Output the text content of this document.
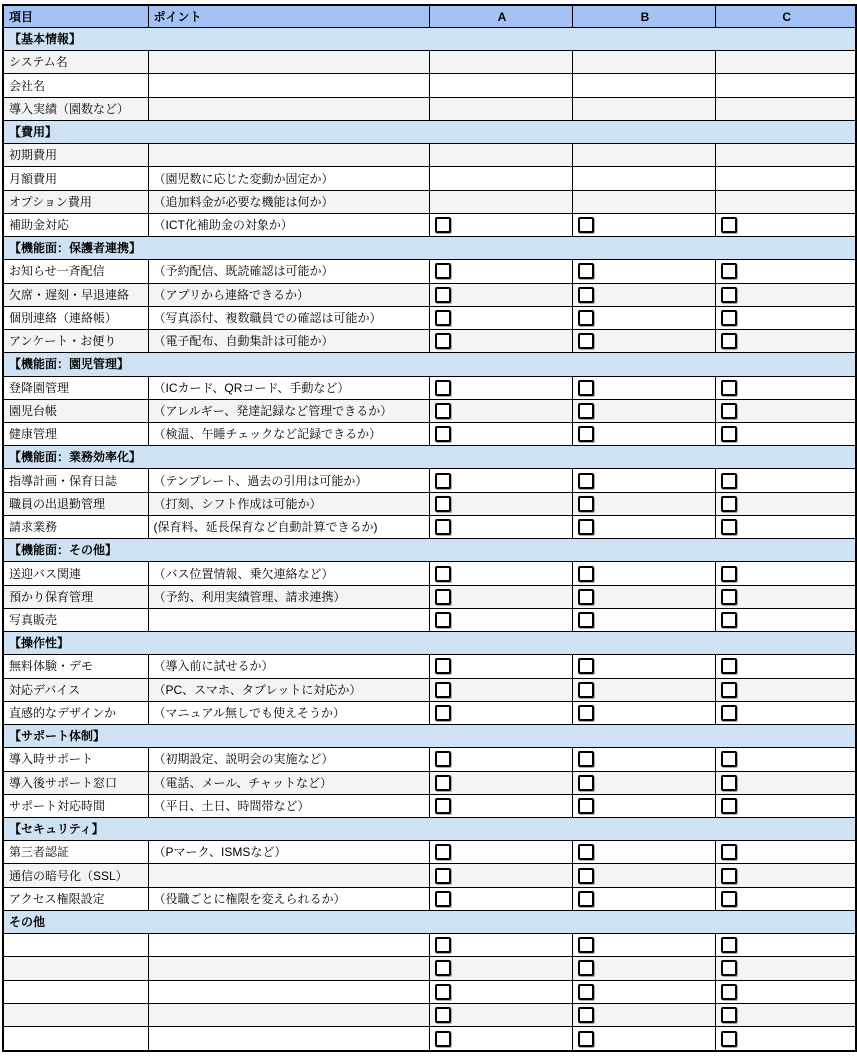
項目	ポイント	A	B	C
【基本情報】				
システム名				
会社名				
導入実績（園数など）				
【費用】				
初期費用				
月額費用	（園児数に応じた変動か固定か）			
オプション費用	（追加料金が必要な機能は何か）			
補助金対応	（ICT化補助金の対象か）			
【機能面：保護者連携】				
お知らせ一斉配信	（予約配信、既読確認は可能か）			
欠席・遅刻・早退連絡	（アプリから連絡できるか）			
個別連絡（連絡帳）	（写真添付、複数職員での確認は可能か）			
アンケート・お便り	（電子配布、自動集計は可能か）			
【機能面：園児管理】				
登降園管理	（ICカード、QRコード、手動など）			
園児台帳	（アレルギー、発達記録など管理できるか）			
健康管理	（検温、午睡チェックなど記録できるか）			
【機能面：業務効率化】				
指導計画・保育日誌	（テンプレート、過去の引用は可能か）			
職員の出退勤管理	（打刻、シフト作成は可能か）			
請求業務	(保育料、延長保育など自動計算できるか)			
【機能面：その他】				
送迎バス関連	（バス位置情報、乗欠連絡など）			
預かり保育管理	（予約、利用実績管理、請求連携）			
写真販売				
【操作性】				
無料体験・デモ	（導入前に試せるか）			
対応デバイス	（PC、スマホ、タブレットに対応か）			
直感的なデザインか	（マニュアル無しでも使えそうか）			
【サポート体制】				
導入時サポート	（初期設定、説明会の実施など）			
導入後サポート窓口	（電話、メール、チャットなど）			
サポート対応時間	（平日、土日、時間帯など）			
【セキュリティ】				
第三者認証	（Pマーク、ISMSなど）			
通信の暗号化（SSL）				
アクセス権限設定	（役職ごとに権限を変えられるか）			
その他				
